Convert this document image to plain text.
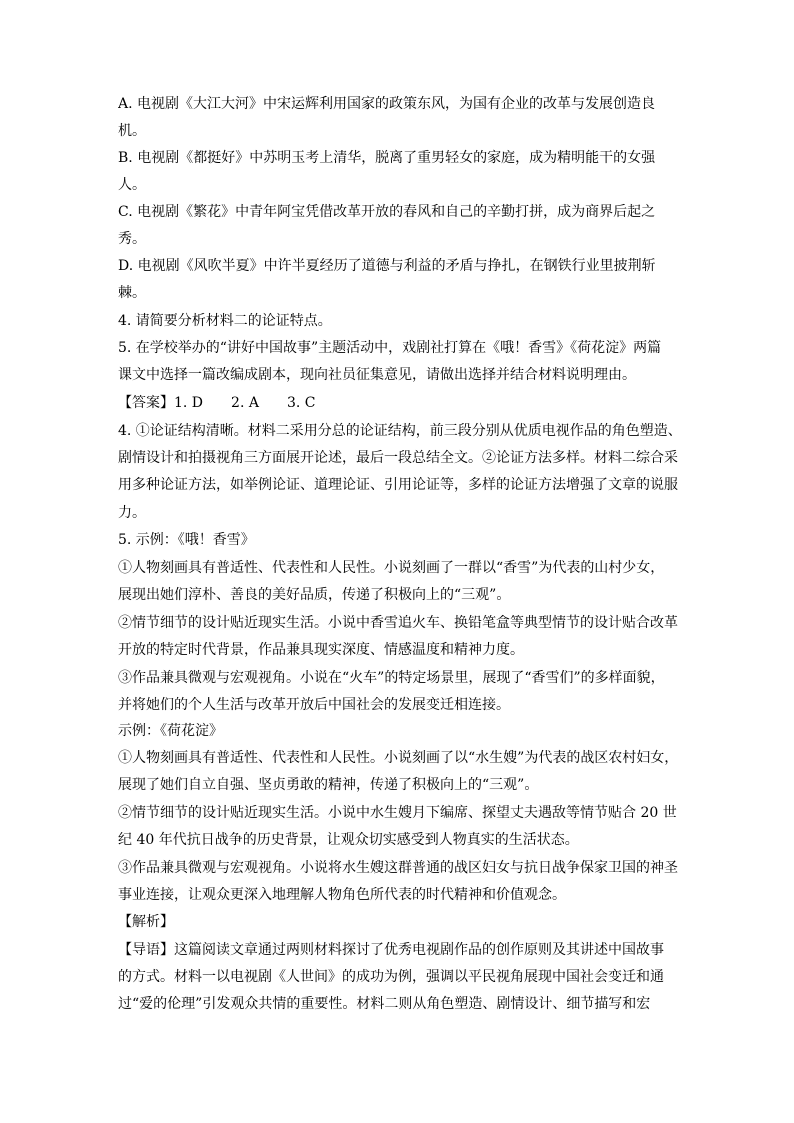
A. 电视剧《大江大河》中宋运辉利用国家的政策东风，为国有企业的改革与发展创造良
机。
B. 电视剧《都挺好》中苏明玉考上清华，脱离了重男轻女的家庭，成为精明能干的女强
人。
C. 电视剧《繁花》中青年阿宝凭借改革开放的春风和自己的辛勤打拼，成为商界后起之
秀。
D. 电视剧《风吹半夏》中许半夏经历了道德与利益的矛盾与挣扎，在钢铁行业里披荆斩
棘。
4. 请简要分析材料二的论证特点。
5. 在学校举办的“讲好中国故事”主题活动中，戏剧社打算在《哦！香雪》《荷花淀》两篇
课文中选择一篇改编成剧本，现向社员征集意见，请做出选择并结合材料说明理由。
【答案】1. D　　2. A　　3. C
4. ①论证结构清晰。材料二采用分总的论证结构，前三段分别从优质电视作品的角色塑造、
剧情设计和拍摄视角三方面展开论述，最后一段总结全文。②论证方法多样。材料二综合采
用多种论证方法，如举例论证、道理论证、引用论证等，多样的论证方法增强了文章的说服
力。
5. 示例：《哦！香雪》
①人物刻画具有普适性、代表性和人民性。小说刻画了一群以“香雪”为代表的山村少女，
展现出她们淳朴、善良的美好品质，传递了积极向上的“三观”。
②情节细节的设计贴近现实生活。小说中香雪追火车、换铅笔盒等典型情节的设计贴合改革
开放的特定时代背景，作品兼具现实深度、情感温度和精神力度。
③作品兼具微观与宏观视角。小说在“火车”的特定场景里，展现了“香雪们”的多样面貌，
并将她们的个人生活与改革开放后中国社会的发展变迁相连接。
示例：《荷花淀》
①人物刻画具有普适性、代表性和人民性。小说刻画了以“水生嫂”为代表的战区农村妇女，
展现了她们自立自强、坚贞勇敢的精神，传递了积极向上的“三观”。
②情节细节的设计贴近现实生活。小说中水生嫂月下编席、探望丈夫遇敌等情节贴合 20 世
纪 40 年代抗日战争的历史背景，让观众切实感受到人物真实的生活状态。
③作品兼具微观与宏观视角。小说将水生嫂这群普通的战区妇女与抗日战争保家卫国的神圣
事业连接，让观众更深入地理解人物角色所代表的时代精神和价值观念。
【解析】
【导语】这篇阅读文章通过两则材料探讨了优秀电视剧作品的创作原则及其讲述中国故事
的方式。材料一以电视剧《人世间》的成功为例，强调以平民视角展现中国社会变迁和通
过“爱的伦理”引发观众共情的重要性。材料二则从角色塑造、剧情设计、细节描写和宏
